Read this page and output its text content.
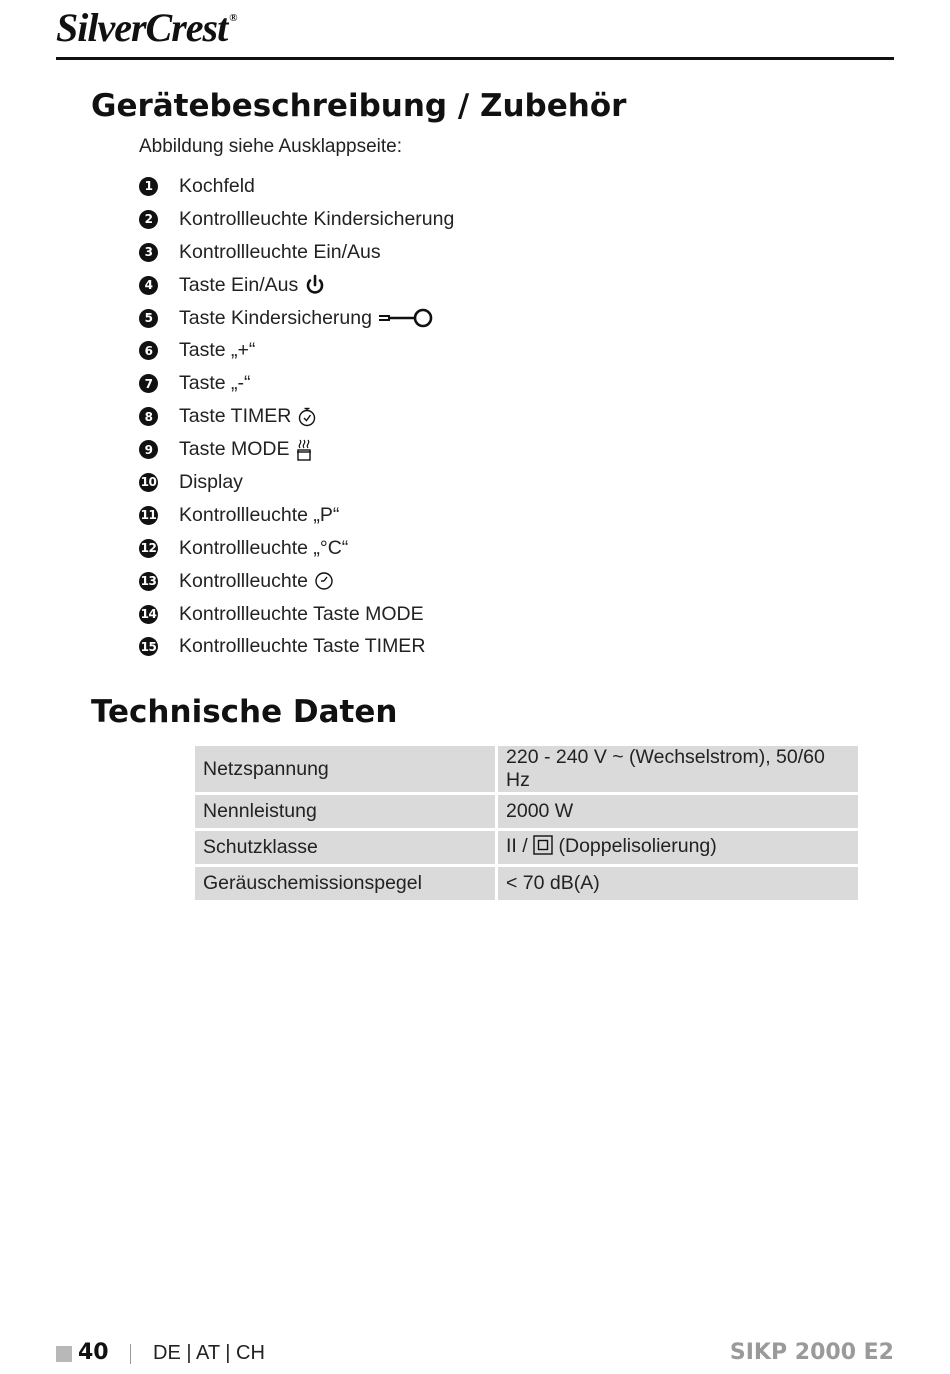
SilverCrest ®
Gerätebeschreibung / Zubehör
Abbildung siehe Ausklappseite:
1 Kochfeld
2 Kontrollleuchte Kindersicherung
3 Kontrollleuchte Ein/Aus
4 Taste Ein/Aus
5 Taste Kindersicherung
6 Taste „+“
7 Taste „-“
8 Taste TIMER
9 Taste MODE
10 Display
11 Kontrollleuchte „P“
12 Kontrollleuchte „°C“
13 Kontrollleuchte
14 Kontrollleuchte Taste MODE
15 Kontrollleuchte Taste TIMER
Technische Daten
Netzspannung	220 - 240 V ~ (Wechselstrom), 50/60 Hz
Nennleistung	2000 W
Schutzklasse	II / (Doppelisolierung)
Geräuschemissionspegel	< 70 dB(A)
40 DE | AT | CH	SIKP 2000 E2
